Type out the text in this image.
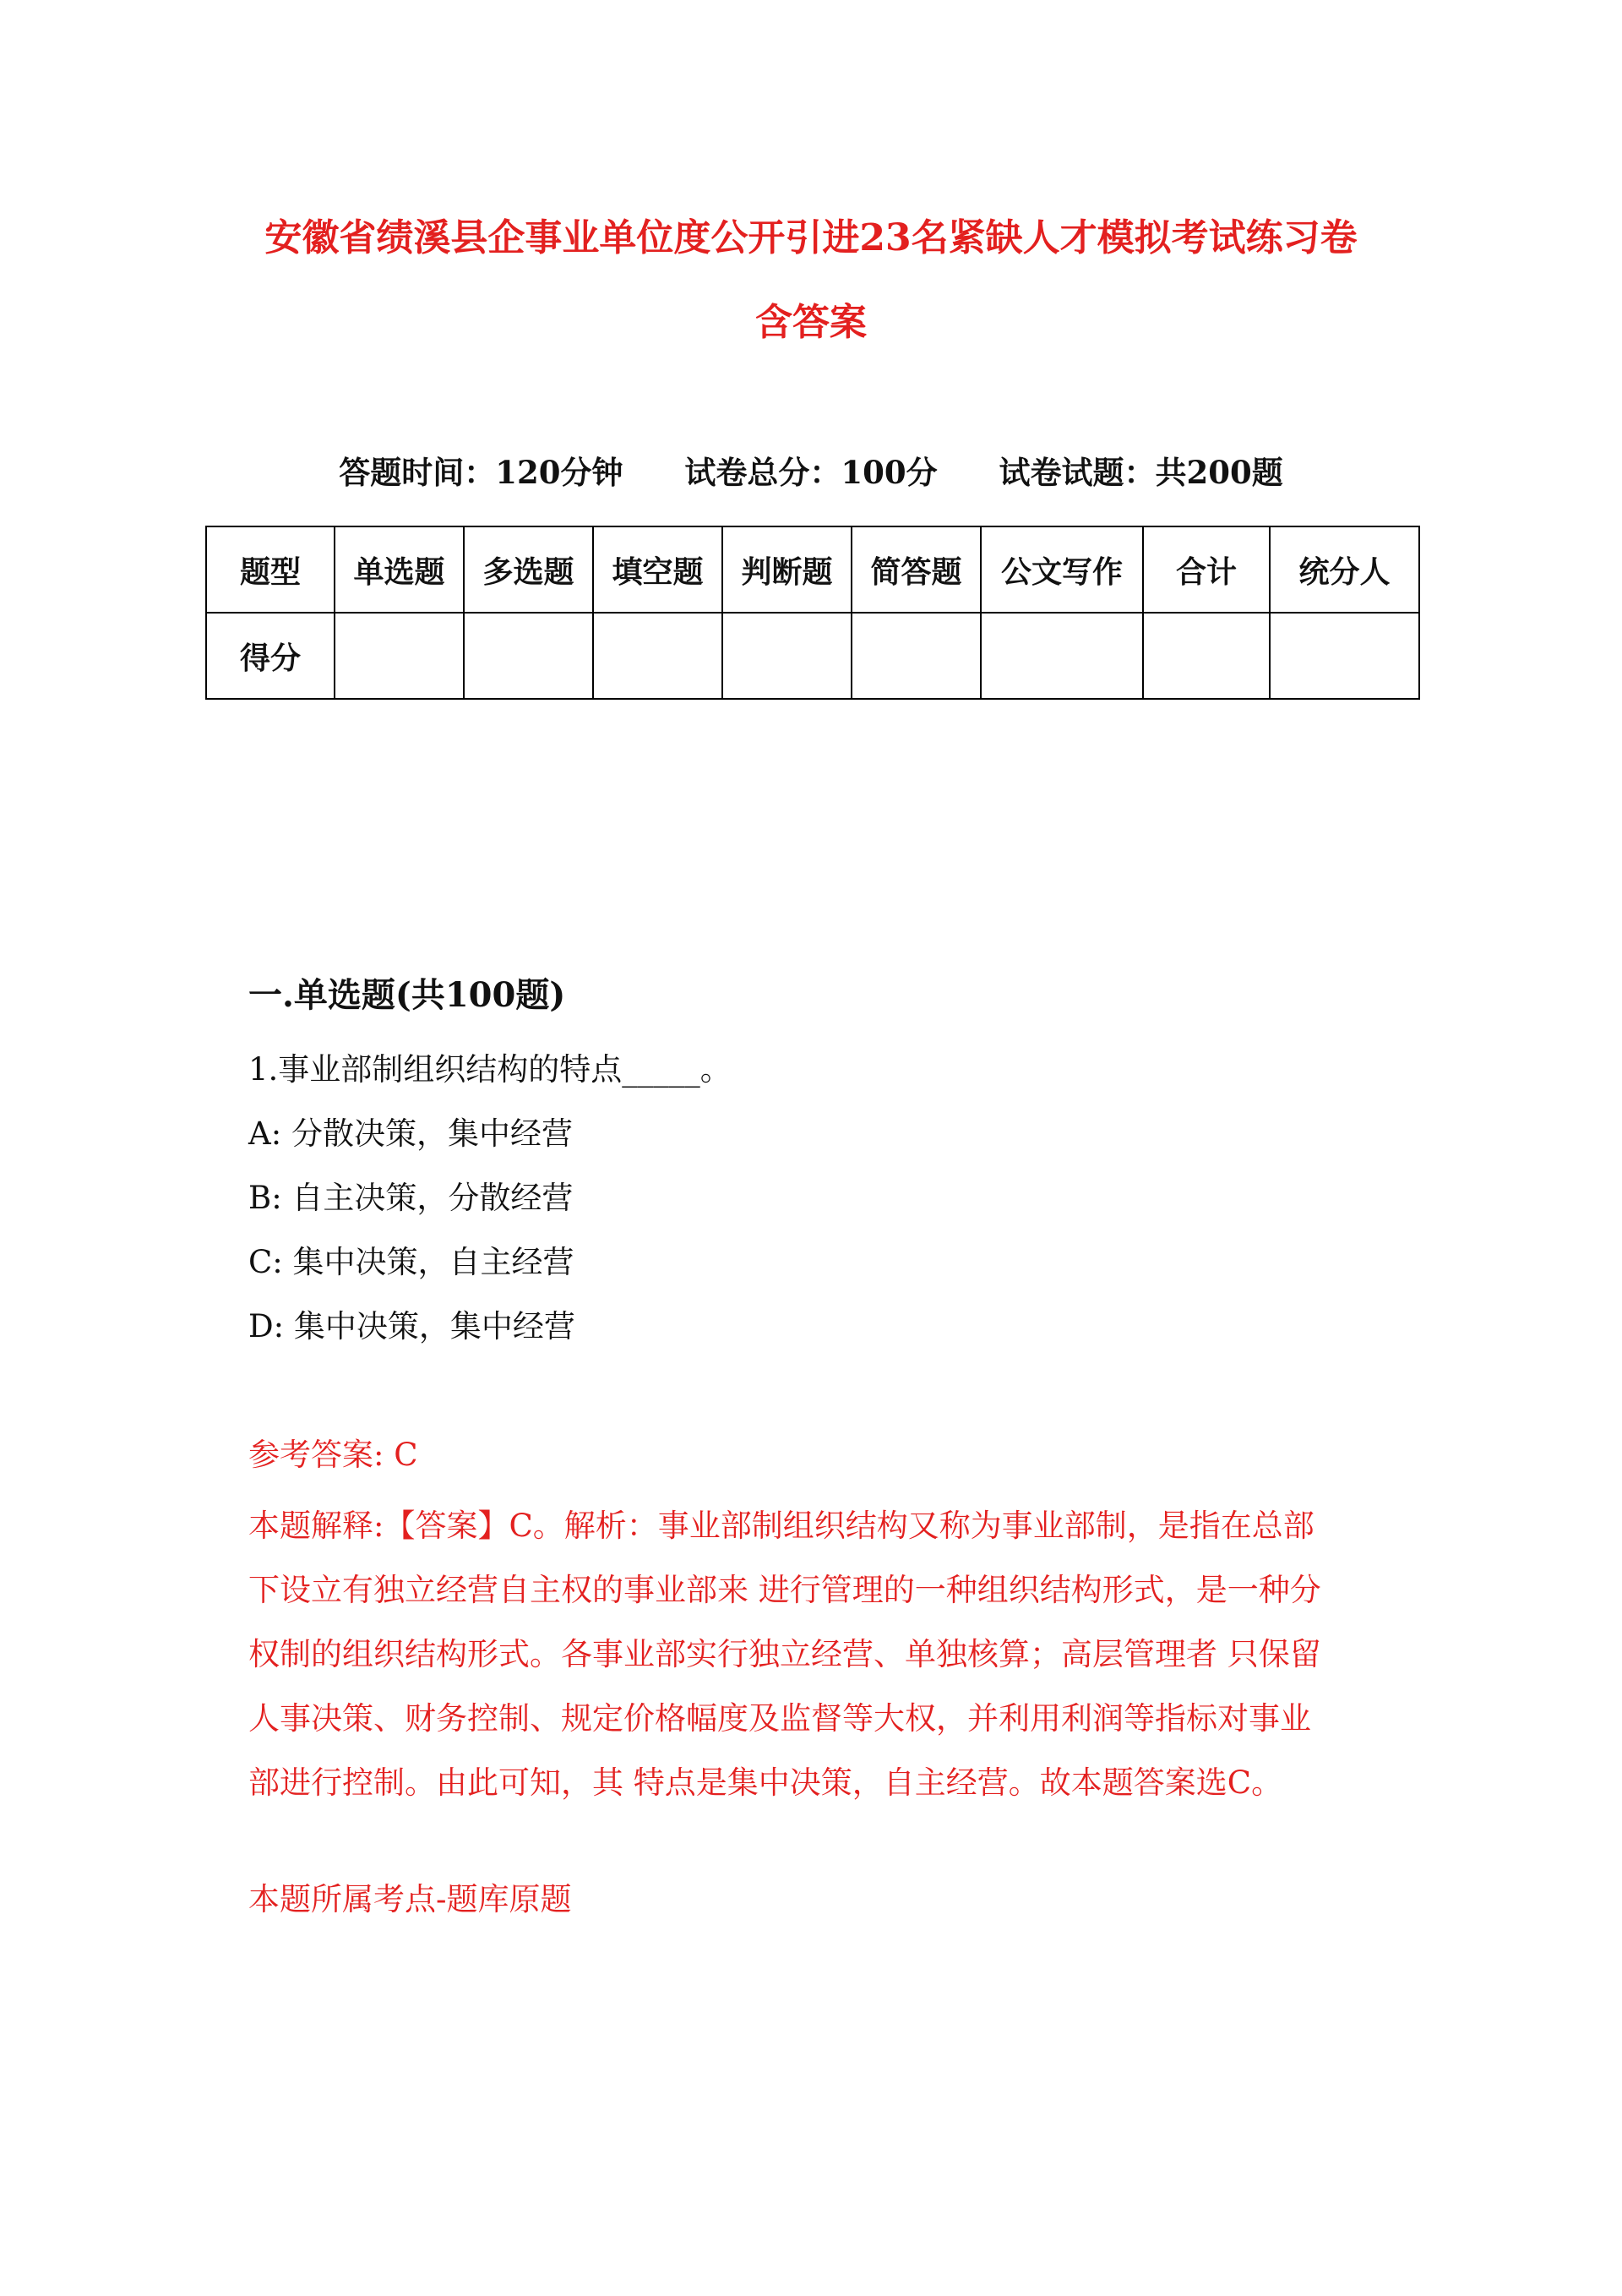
安徽省绩溪县企事业单位度公开引进23名紧缺人才模拟考试练习卷
含答案
答题时间：120分钟 试卷总分：100分 试卷试题：共200题
题型	单选题	多选题	填空题	判断题	简答题	公文写作	合计	统分人
得分								
一.单选题(共100题)
1.事业部制组织结构的特点_____。
A: 分散决策，集中经营
B: 自主决策，分散经营
C: 集中决策，自主经营
D: 集中决策，集中经营
参考答案: C
本题解释:【答案】C。解析：事业部制组织结构又称为事业部制，是指在总部
下设立有独立经营自主权的事业部来 进行管理的一种组织结构形式，是一种分
权制的组织结构形式。各事业部实行独立经营、单独核算；高层管理者 只保留
人事决策、财务控制、规定价格幅度及监督等大权，并利用利润等指标对事业
部进行控制。由此可知，其 特点是集中决策，自主经营。故本题答案选C。
本题所属考点-题库原题
